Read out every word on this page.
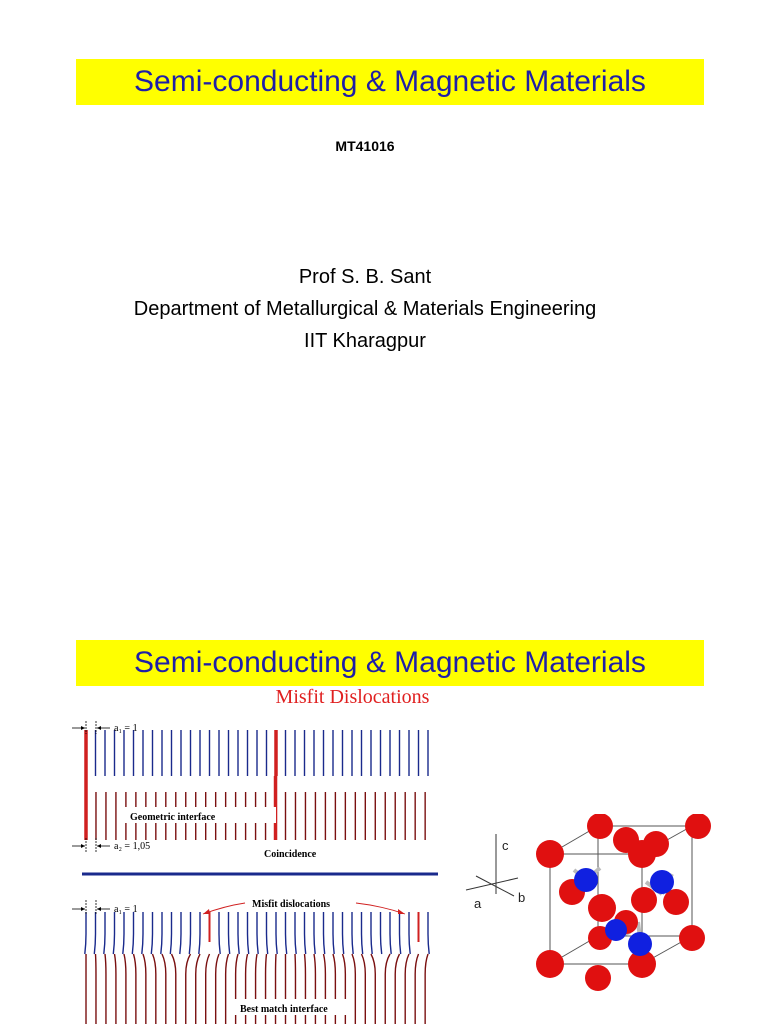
Semi-conducting & Magnetic Materials
MT41016
Prof S. B. Sant
Department of Metallurgical & Materials Engineering
IIT Kharagpur
Semi-conducting & Magnetic Materials
Misfit Dislocations
a₁ = 1
a₂ = 1,05
Geometric interface
Coincidence
a₁ = 1	Misfit dislocations
Best match interface
c
a	b
